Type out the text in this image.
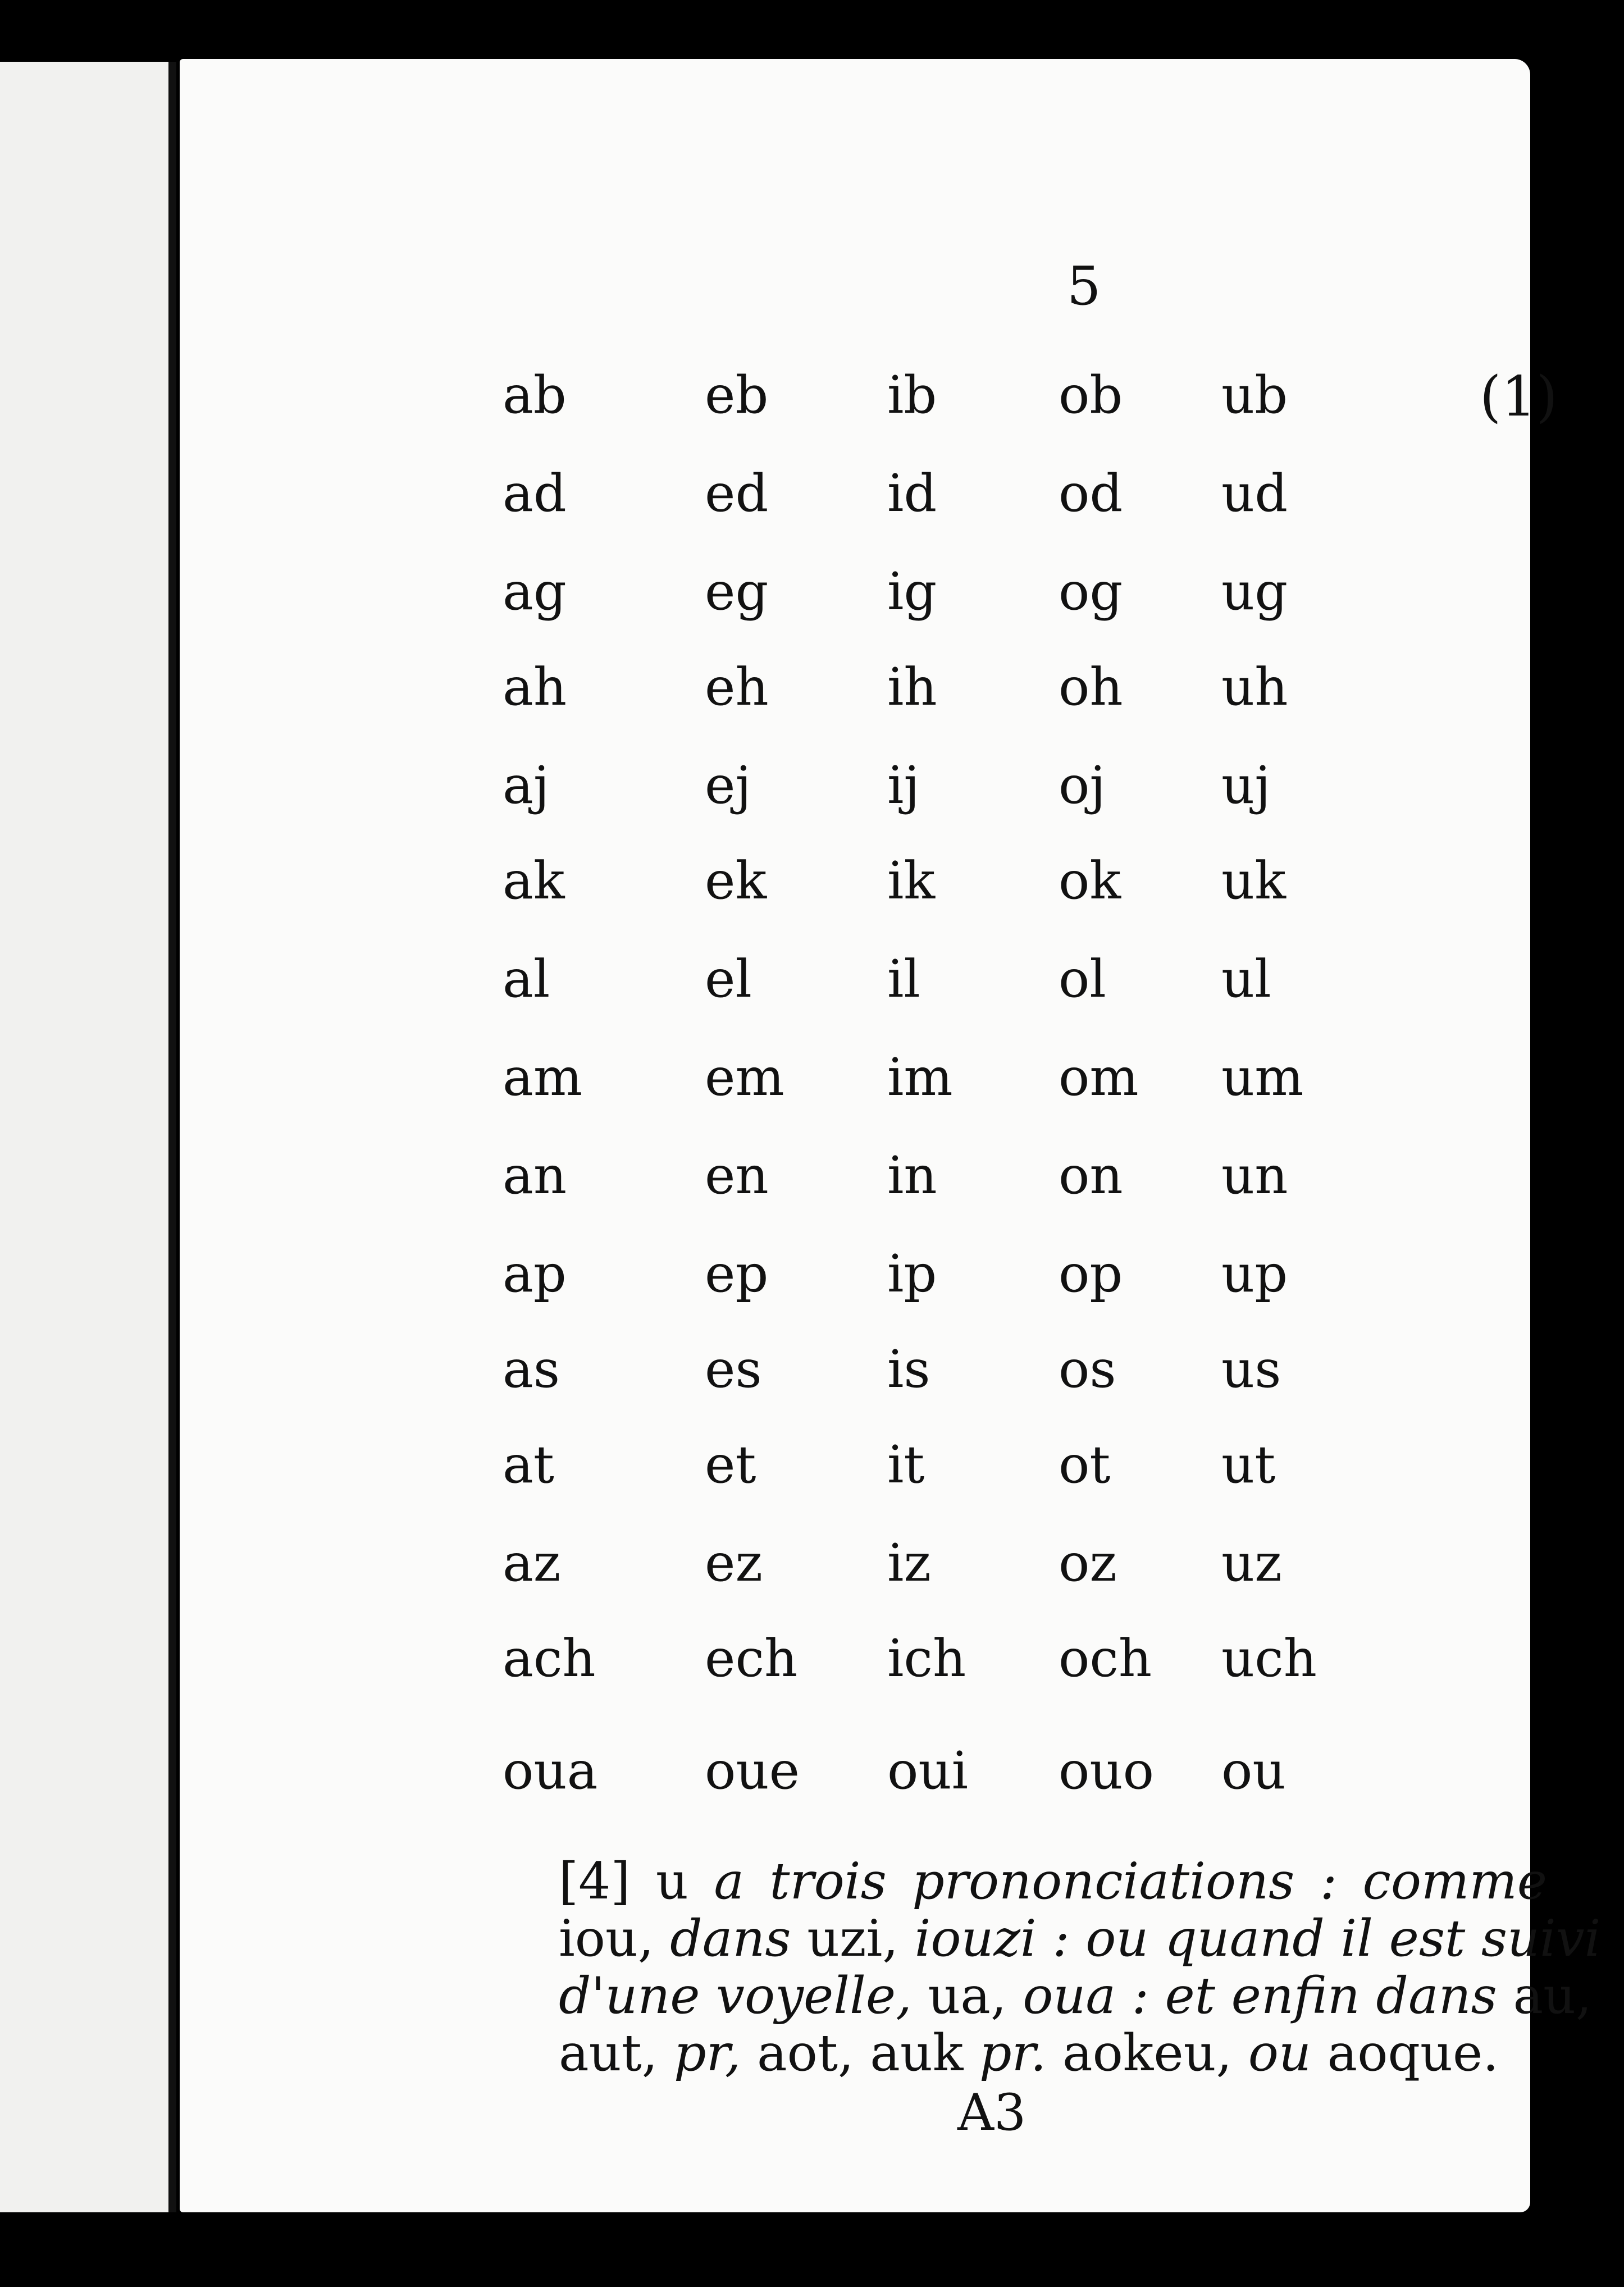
5
ab	eb ib ob ub
ad	ed id od ud
ag	eg ig og ug
ah	eh ih oh uh
aj	ej	ij	oj uj
ak	ek ik ok uk
al	el	il	ol ul
am em im om um
an	en in on un
ap	ep ip op up
as	es is os us
at	et	it	ot ut
az	ez iz oz uz
ach ech ich och uch
oua oue oui ouo ou
(1)
[4] u a trois prononciations : comme
iou, dans uzi, iouzi : ou quand il est suivi
d'une voyelle, ua, oua : et enfin dans au,
aut, pr, aot, auk pr. aokeu, ou aoque.
A3
